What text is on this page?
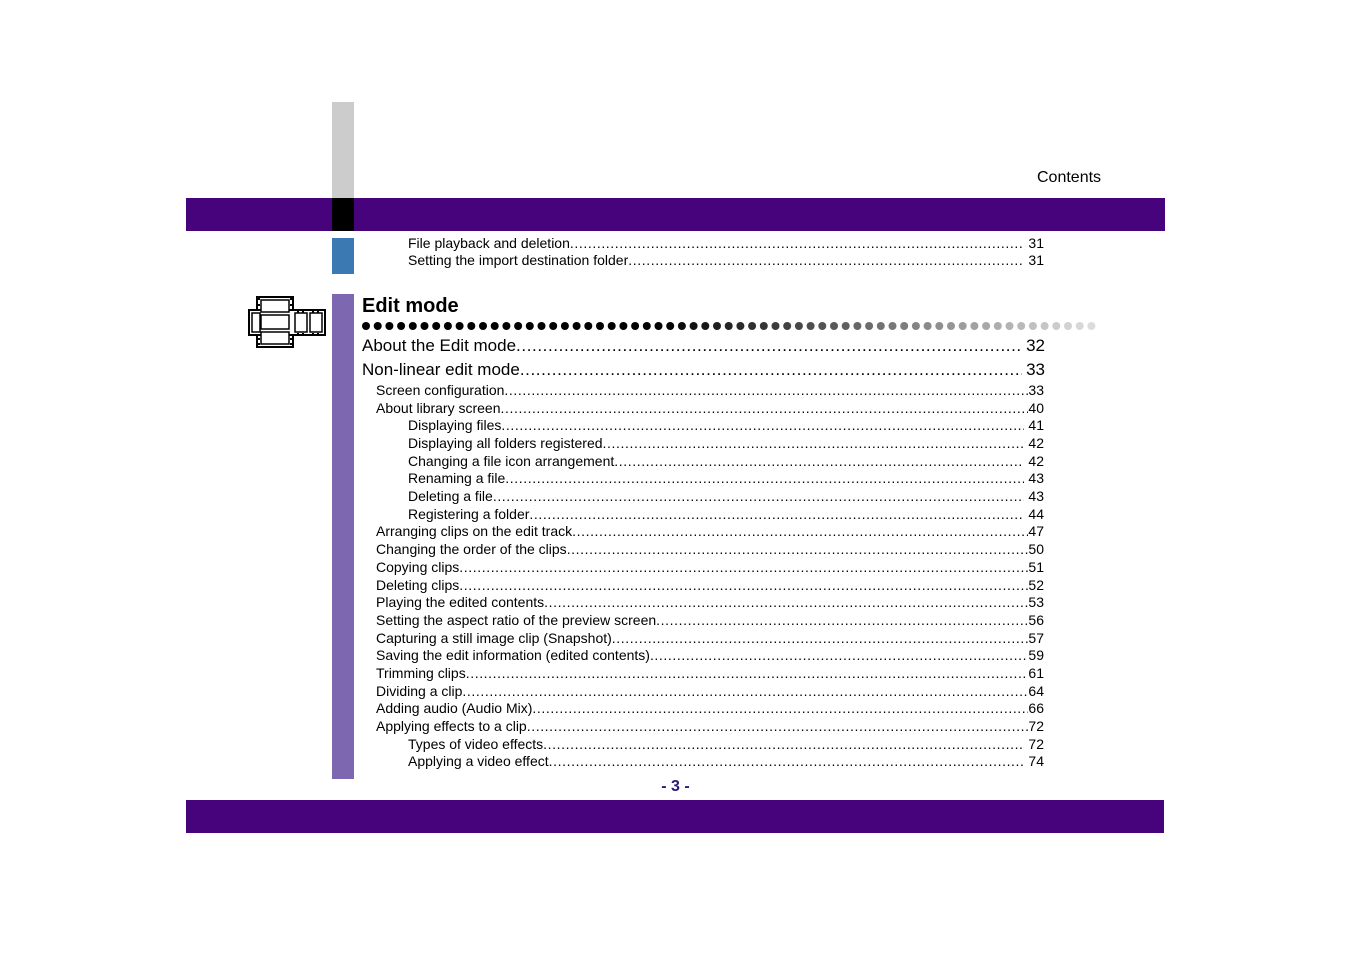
Contents
File playback and deletion .....	31
Setting the import destination folder .....	31
Edit mode
About the Edit mode .....	32
Non-linear edit mode .....	33
Screen configuration .....	33
About library screen .....	40
Displaying files .....	41
Displaying all folders registered .....	42
Changing a file icon arrangement .....	42
Renaming a file .....	43
Deleting a file .....	43
Registering a folder .....	44
Arranging clips on the edit track .....	47
Changing the order of the clips .....	50
Copying clips .....	51
Deleting clips .....	52
Playing the edited contents .....	53
Setting the aspect ratio of the preview screen .....	56
Capturing a still image clip (Snapshot) .....	57
Saving the edit information (edited contents) .....	59
Trimming clips .....	61
Dividing a clip .....	64
Adding audio (Audio Mix) .....	66
Applying effects to a clip .....	72
Types of video effects .....	72
Applying a video effect .....	74
- 3 -
